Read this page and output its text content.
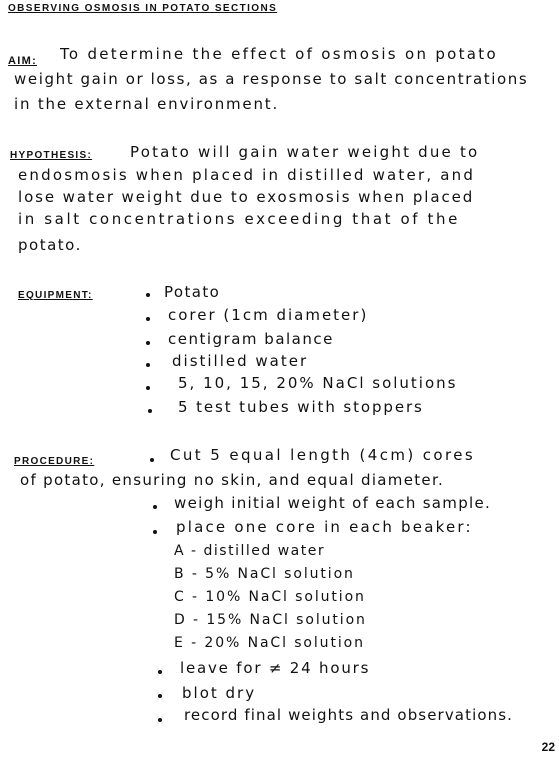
OBSERVING OSMOSIS IN POTATO SECTIONS
AIM: To determine the effect of osmosis on potato
weight gain or loss, as a response to salt concentrations
in the external environment.
HYPOTHESIS:	Potato will gain water weight due to
endosmosis when placed in distilled water, and
lose water weight due to exosmosis when placed
in salt concentrations exceeding that of the
potato.
EQUIPMENT:	Potato
corer (1cm diameter)
centigram balance
distilled water
5, 10, 15, 20% NaCl solutions
5 test tubes with stoppers
PROCEDURE:	Cut 5 equal length (4cm) cores
of potato, ensuring no skin, and equal diameter.
weigh initial weight of each sample.
place one core in each beaker:
A - distilled water
B - 5% NaCl solution
C - 10% NaCl solution
D - 15% NaCl solution
E - 20% NaCl solution
leave for ≠ 24 hours
blot dry
record final weights and observations.
22
